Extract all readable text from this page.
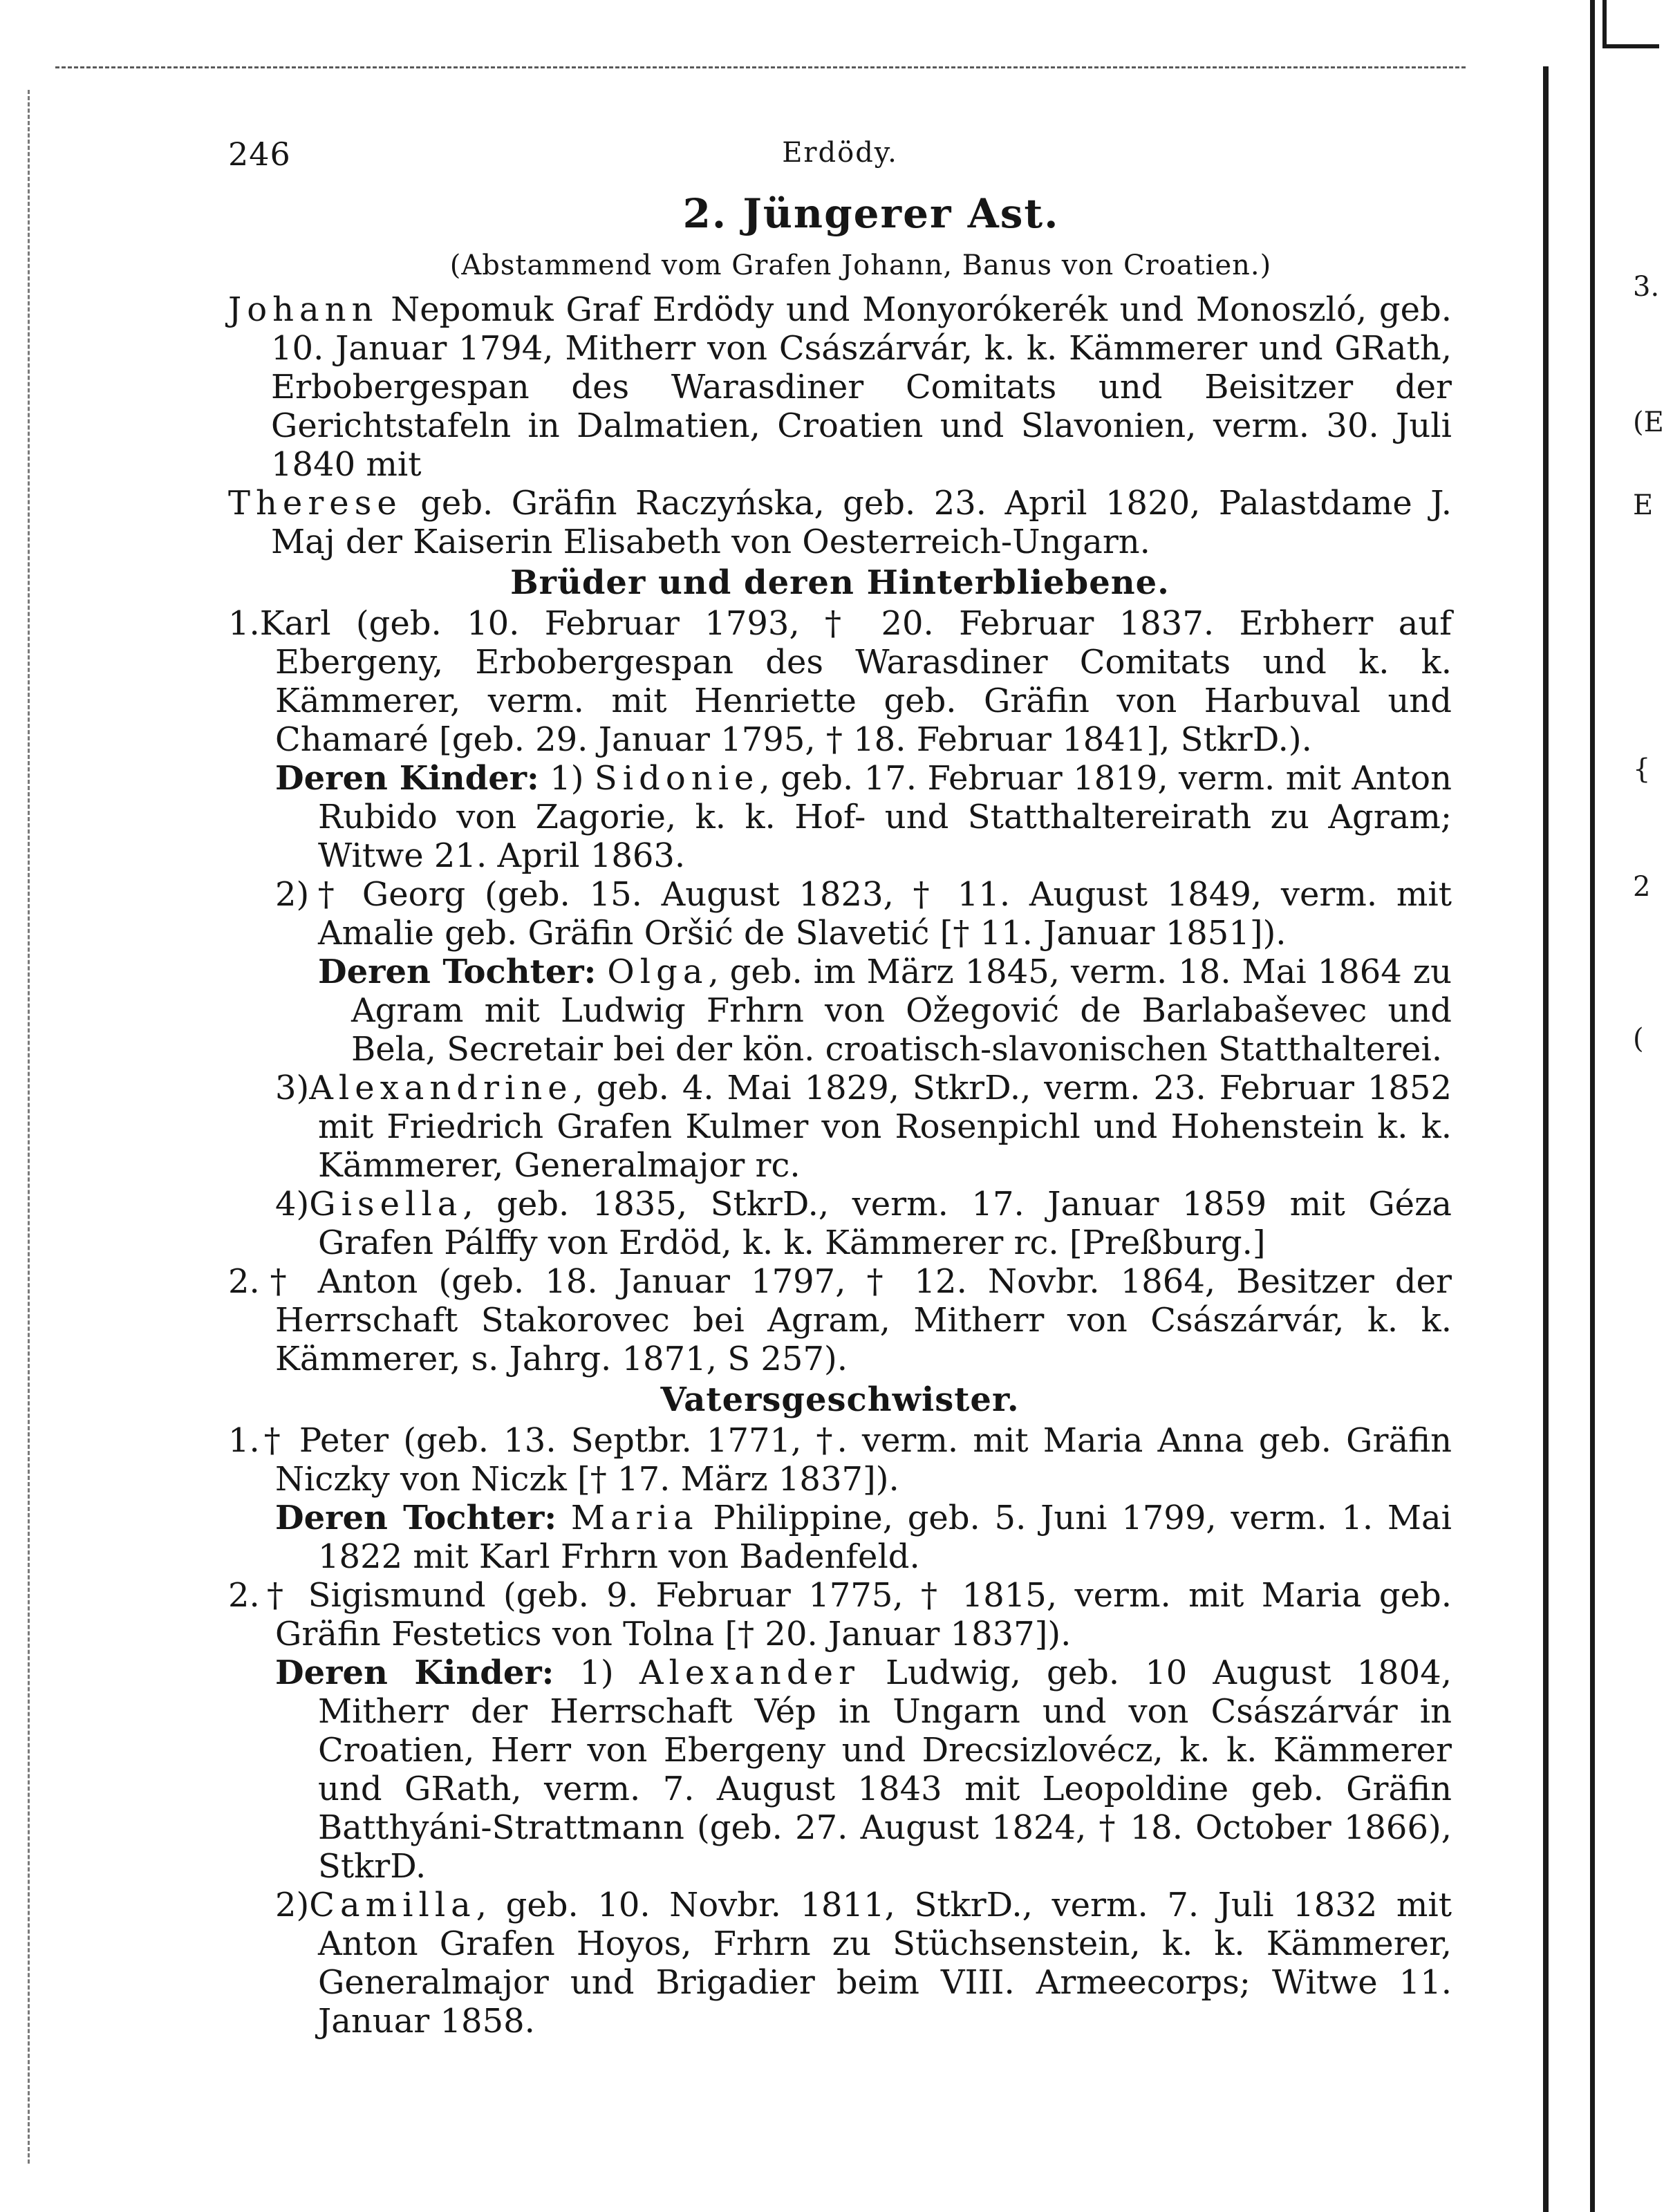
3.
(E
E
2
{
(
246	Erdödy.
2. Jüngerer Ast.
(Abstammend vom Grafen Johann, Banus von Croatien.)
Johann Nepomuk Graf Erdödy und Monyorókerék und Monoszló, geb. 10. Januar 1794, Mitherr von Császárvár, k. k. Kämmerer und GRath, Erbobergespan des Warasdiner Comitats und Beisitzer der Gerichtstafeln in Dalmatien, Croatien und Slavonien, verm. 30. Juli 1840 mit
Therese geb. Gräfin Raczyńska, geb. 23. April 1820, Palastdame J. Maj der Kaiserin Elisabeth von Oesterreich-Ungarn.
Brüder und deren Hinterbliebene.
1.Karl (geb. 10. Februar 1793, † 20. Februar 1837. Erbherr auf Ebergeny, Erbobergespan des Warasdiner Comitats und k. k. Kämmerer, verm. mit Henriette geb. Gräfin von Harbuval und Chamaré [geb. 29. Januar 1795, † 18. Februar 1841], StkrD.).
Deren Kinder: 1) Sidonie, geb. 17. Februar 1819, verm. mit Anton Rubido von Zagorie, k. k. Hof- und Statthaltereirath zu Agram; Witwe 21. April 1863.
2)† Georg (geb. 15. August 1823, † 11. August 1849, verm. mit Amalie geb. Gräfin Oršić de Slavetić [† 11. Januar 1851]).
Deren Tochter: Olga, geb. im März 1845, verm. 18. Mai 1864 zu Agram mit Ludwig Frhrn von Ožegović de Barlabaševec und Bela, Secretair bei der kön. croatisch-slavonischen Statthalterei.
3)Alexandrine, geb. 4. Mai 1829, StkrD., verm. 23. Februar 1852 mit Friedrich Grafen Kulmer von Rosenpichl und Hohenstein k. k. Kämmerer, Generalmajor rc.
4)Gisella, geb. 1835, StkrD., verm. 17. Januar 1859 mit Géza Grafen Pálffy von Erdöd, k. k. Kämmerer rc. [Preßburg.]
2.† Anton (geb. 18. Januar 1797, † 12. Novbr. 1864, Besitzer der Herrschaft Stakorovec bei Agram, Mitherr von Császárvár, k. k. Kämmerer, s. Jahrg. 1871, S 257).
Vatersgeschwister.
1.† Peter (geb. 13. Septbr. 1771, †. verm. mit Maria Anna geb. Gräfin Niczky von Niczk [† 17. März 1837]).
Deren Tochter: Maria Philippine, geb. 5. Juni 1799, verm. 1. Mai 1822 mit Karl Frhrn von Badenfeld.
2.† Sigismund (geb. 9. Februar 1775, † 1815, verm. mit Maria geb. Gräfin Festetics von Tolna [† 20. Januar 1837]).
Deren Kinder: 1) Alexander Ludwig, geb. 10 August 1804, Mitherr der Herrschaft Vép in Ungarn und von Császárvár in Croatien, Herr von Ebergeny und Drecsizlovécz, k. k. Kämmerer und GRath, verm. 7. August 1843 mit Leopoldine geb. Gräfin Batthyáni-Strattmann (geb. 27. August 1824, † 18. October 1866), StkrD.
2)Camilla, geb. 10. Novbr. 1811, StkrD., verm. 7. Juli 1832 mit Anton Grafen Hoyos, Frhrn zu Stüchsenstein, k. k. Kämmerer, Generalmajor und Brigadier beim VIII. Armeecorps; Witwe 11. Januar 1858.
